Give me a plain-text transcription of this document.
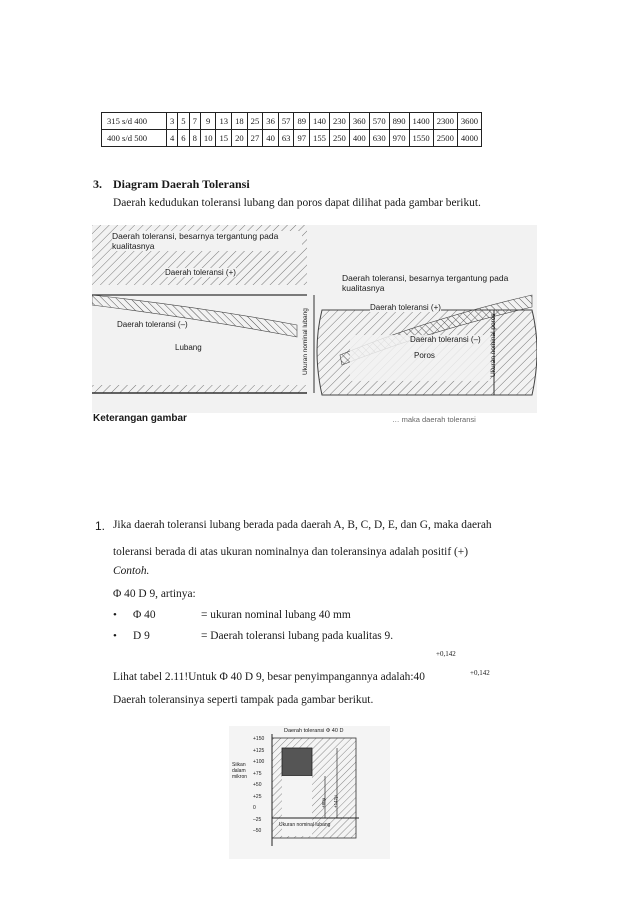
315 s/d 400	3	5	7	9	13	18	25	36	57	89	140	230	360	570	890	1400	2300	3600
400 s/d 500	4	6	8	10	15	20	27	40	63	97	155	250	400	630	970	1550	2500	4000
3. Diagram Daerah Toleransi
Daerah kedudukan toleransi lubang dan poros dapat dilihat pada gambar berikut.
Daerah toleransi, besarnya tergantung pada kualitasnya
Daerah toleransi (+)
Daerah toleransi (–)
Lubang	Ukuran nominal lubang
Daerah toleransi, besarnya tergantung pada kualitasnya
Daerah toleransi (+)
Daerah toleransi (–)
Poros	Ukuran nominal poros
Keterangan gambar	… maka daerah toleransi
1. Jika daerah toleransi lubang berada pada daerah A, B, C, D, E, dan G, maka daerah
toleransi berada di atas ukuran nominalnya dan toleransinya adalah positif (+)
Contoh.
Φ 40 D 9, artinya:
• Φ 40	= ukuran nominal lubang 40 mm
• D 9	= Daerah toleransi lubang pada kualitas 9.
+0,142
Lihat tabel 2.11!Untuk Φ 40 D 9, besar penyimpangannya adalah:40	+0,142
Daerah toleransinya seperti tampak pada gambar berikut.
Daerah toleransi Φ 40 D
Siikan
dalam
mikron
+150
+125
+100
+75
+50
+25
0
–25
–50
+80µ +142µ
Ukuran nominal lubang
